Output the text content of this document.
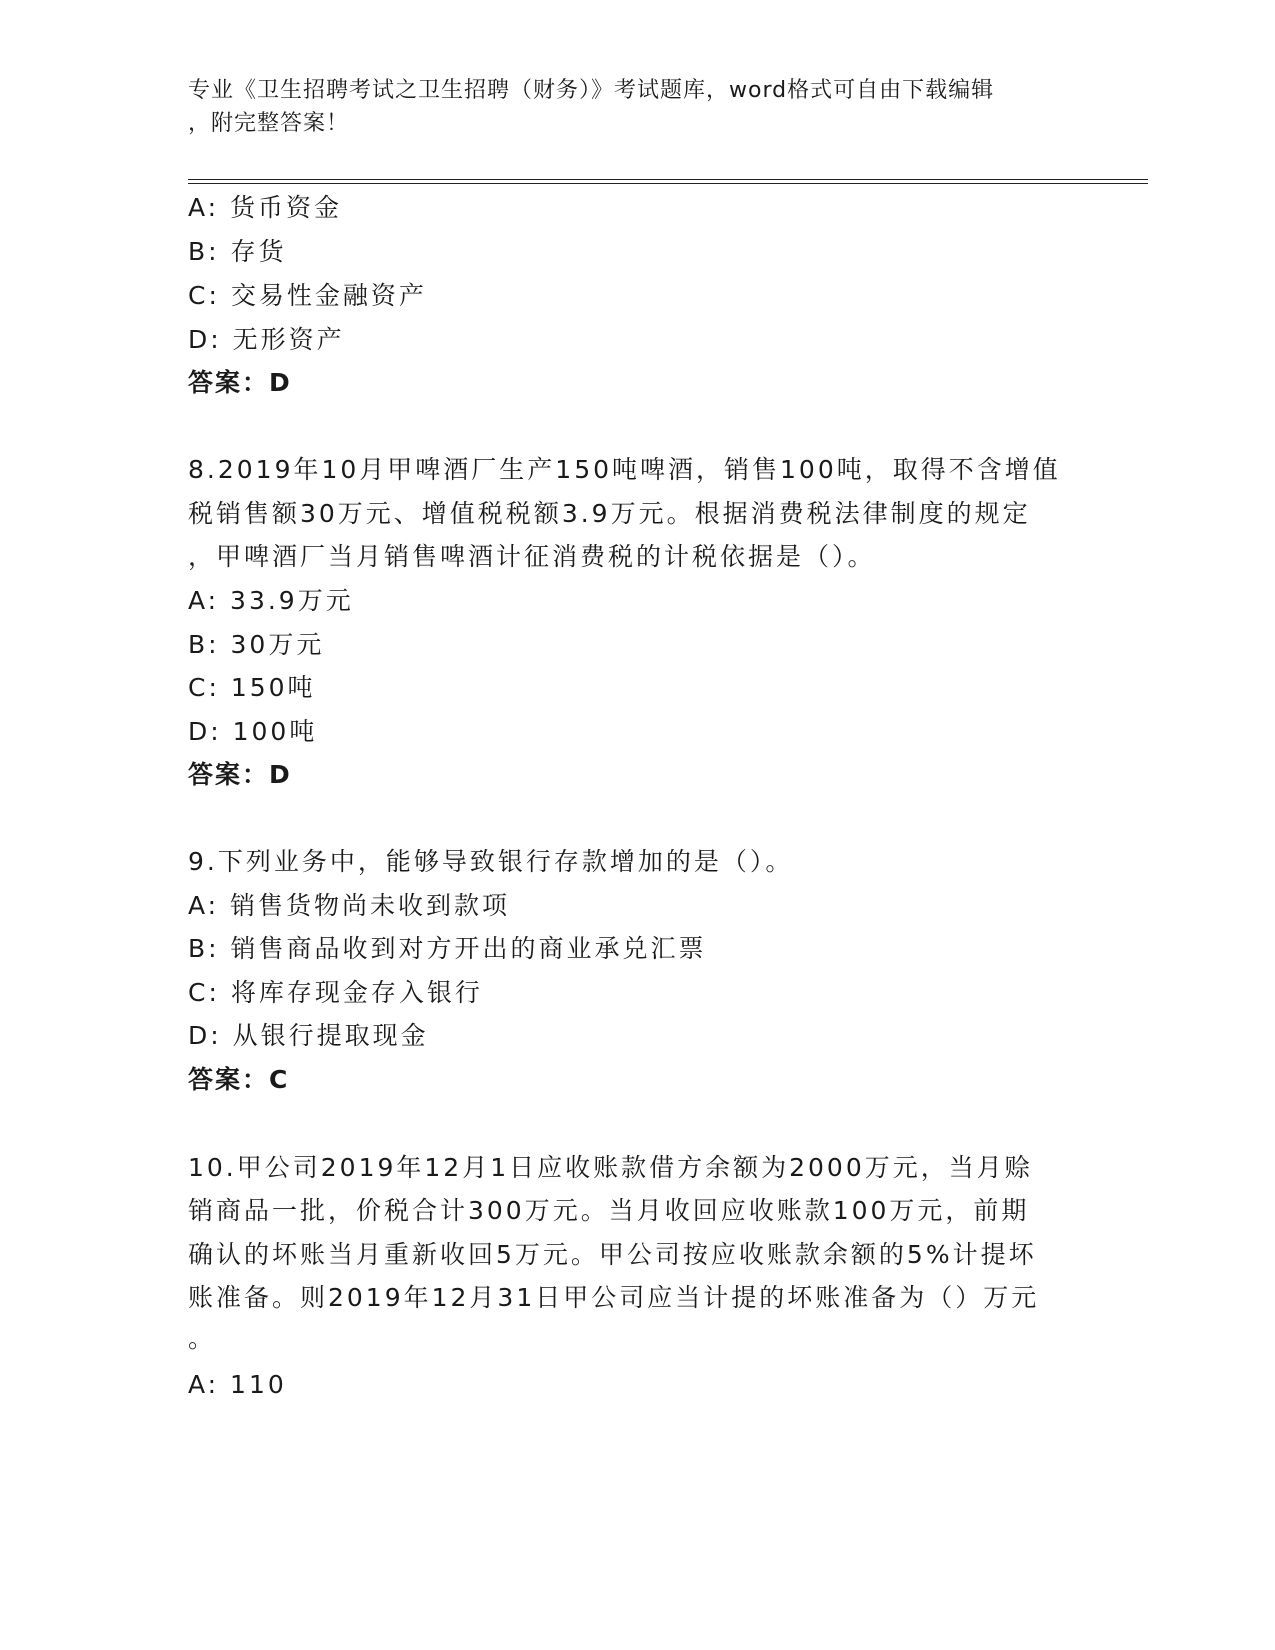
专业《卫生招聘考试之卫生招聘（财务）》考试题库，word格式可自由下载编辑
，附完整答案！
A: 货币资金
B: 存货
C: 交易性金融资产
D: 无形资产
答案：D
8.2019年10月甲啤酒厂生产150吨啤酒，销售100吨，取得不含增值
税销售额30万元、增值税税额3.9万元。根据消费税法律制度的规定
，甲啤酒厂当月销售啤酒计征消费税的计税依据是（）。
A: 33.9万元
B: 30万元
C: 150吨
D: 100吨
答案：D
9.下列业务中，能够导致银行存款增加的是（）。
A: 销售货物尚未收到款项
B: 销售商品收到对方开出的商业承兑汇票
C: 将库存现金存入银行
D: 从银行提取现金
答案：C
10.甲公司2019年12月1日应收账款借方余额为2000万元，当月赊
销商品一批，价税合计300万元。当月收回应收账款100万元，前期
确认的坏账当月重新收回5万元。甲公司按应收账款余额的5%计提坏
账准备。则2019年12月31日甲公司应当计提的坏账准备为（）万元
。
A: 110
